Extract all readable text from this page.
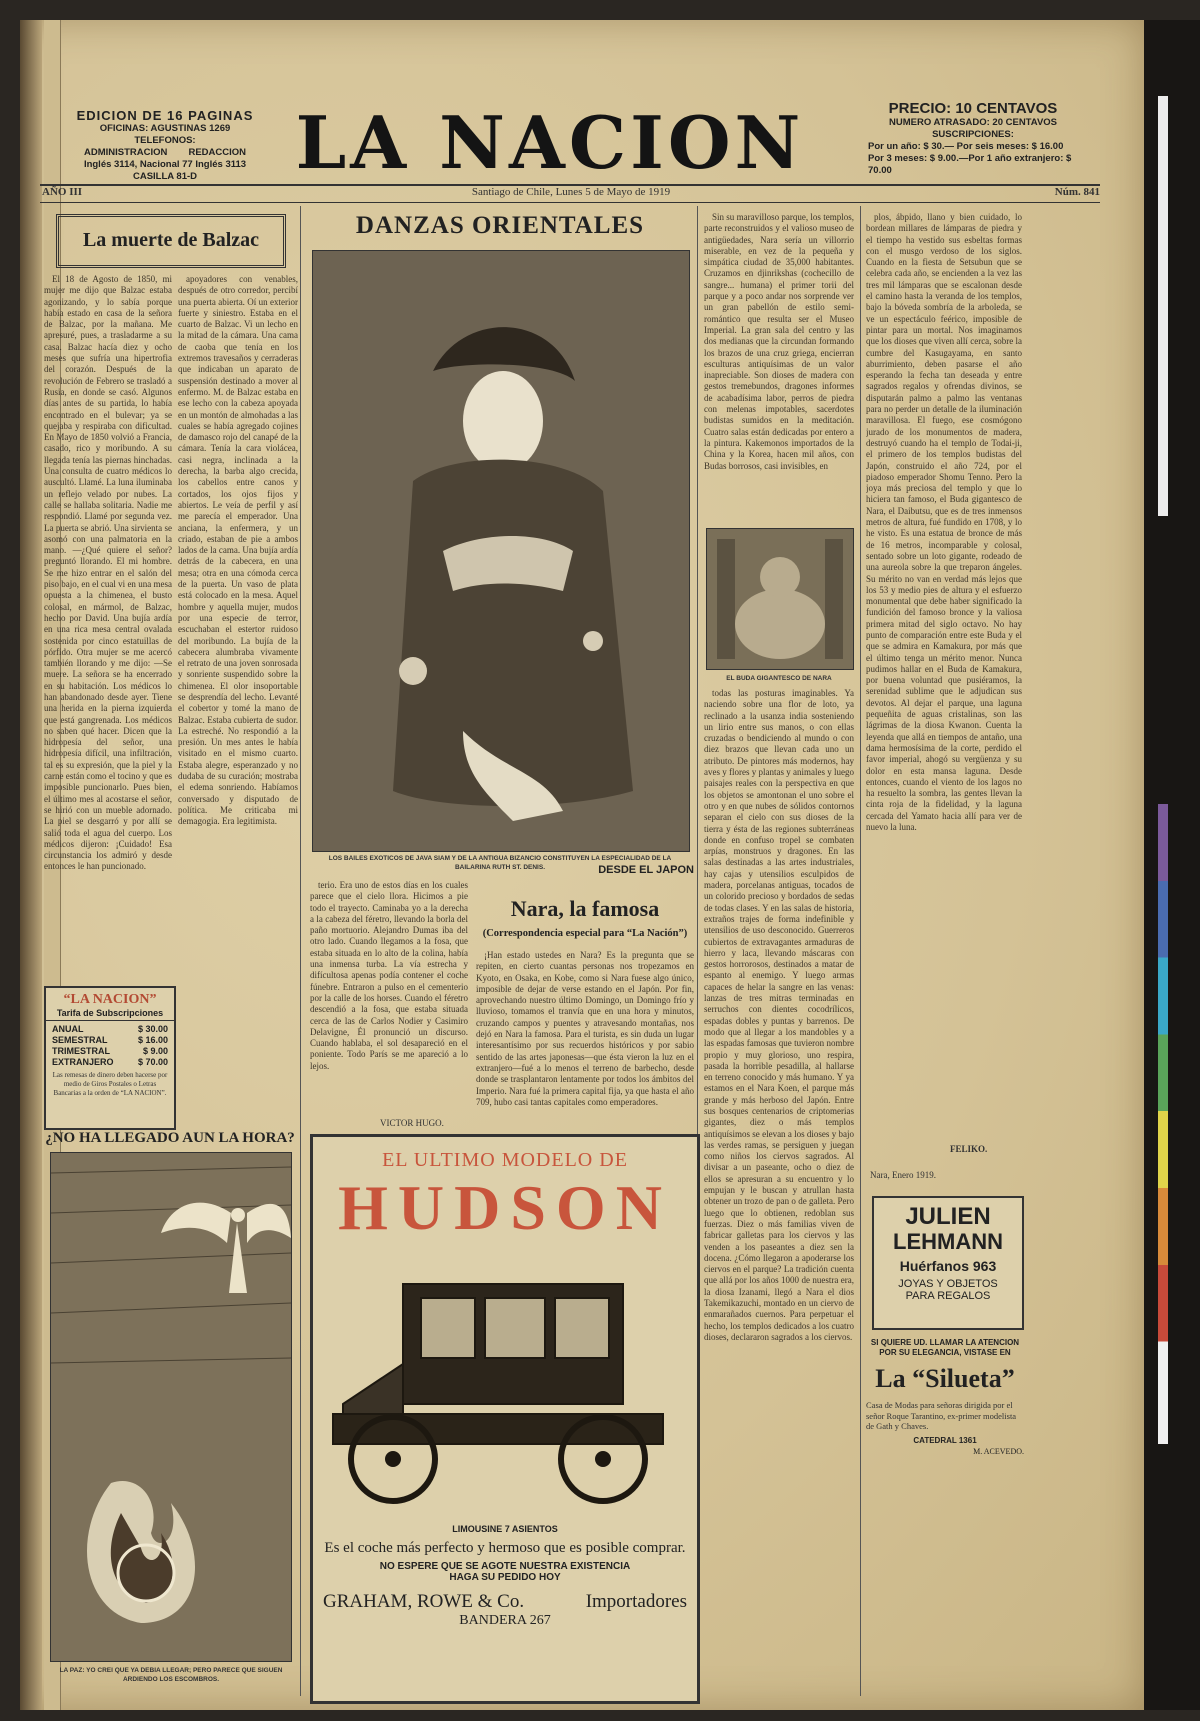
EDICION DE 16 PAGINAS
OFICINAS: AGUSTINAS 1269
TELEFONOS:
ADMINISTRACION        REDACCION
Inglés 3114, Nacional 77 Inglés 3113
CASILLA 81-D	LA NACION	PRECIO: 10 CENTAVOS
NUMERO ATRASADO: 20 CENTAVOS
SUSCRIPCIONES:
Por un año: $ 30.— Por seis meses: $ 16.00
Por 3 meses: $ 9.00.—Por 1 año extranjero: $ 70.00
AÑO III	Santiago de Chile, Lunes 5 de Mayo de 1919	Núm. 841
La muerte de Balzac

El 18 de Agosto de 1850, mi mujer me dijo que Balzac estaba agonizando, y lo sabía porque había estado en casa de la señora de Balzac, por la mañana. Me apresuré, pues, a trasladarme a su casa. Balzac hacía diez y ocho meses que sufría una hipertrofia del corazón. Después de la revolución de Febrero se trasladó a Rusia, en donde se casó. Algunos días antes de su partida, lo había encontrado en el bulevar; ya se quejaba y respiraba con dificultad. En Mayo de 1850 volvió a Francia, casado, rico y moribundo. A su llegada tenía las piernas hinchadas. Una consulta de cuatro médicos lo auscultó. Llamé. La luna iluminaba un reflejo velado por nubes. La calle se hallaba solitaria. Nadie me respondió. Llamé por segunda vez. La puerta se abrió. Una sirvienta se asomó con una palmatoria en la mano. —¿Qué quiere el señor? preguntó llorando. El mi hombre. Se me hizo entrar en el salón del piso bajo, en el cual vi en una mesa opuesta a la chimenea, el busto colosal, en mármol, de Balzac, hecho por David. Una bujía ardía en una rica mesa central ovalada sostenida por cinco estatuillas de pórfido. Otra mujer se me acercó también llorando y me dijo: —Se muere. La señora se ha encerrado en su habitación. Los médicos lo han abandonado desde ayer. Tiene una herida en la pierna izquierda que está gangrenada. Los médicos no saben qué hacer. Dicen que la hidropesía del señor, una hidropesía difícil, una infiltración, tal es su expresión, que la piel y la carne están como el tocino y que es imposible puncionarlo. Pues bien, el último mes al acostarse el señor, se hirió con un mueble adornado. La piel se desgarró y por allí se salió toda el agua del cuerpo. Los médicos dijeron: ¡Cuidado! Esa circunstancia los admiró y desde entonces le han puncionado.

apoyadores con venables, después de otro corredor, percibí una puerta abierta. Oí un exterior fuerte y siniestro. Estaba en el cuarto de Balzac. Vi un lecho en la mitad de la cámara. Una cama de caoba que tenía en los extremos travesaños y cerraderas que indicaban un aparato de suspensión destinado a mover al enfermo. M. de Balzac estaba en ese lecho con la cabeza apoyada en un montón de almohadas a las cuales se había agregado cojines de damasco rojo del canapé de la cámara. Tenía la cara violácea, casi negra, inclinada a la derecha, la barba algo crecida, los cabellos entre canos y cortados, los ojos fijos y abiertos. Le veía de perfil y así me parecía el emperador. Una anciana, la enfermera, y un criado, estaban de pie a ambos lados de la cama. Una bujía ardía detrás de la cabecera, en una mesa; otra en una cómoda cerca de la puerta. Un vaso de plata está colocado en la mesa. Aquel hombre y aquella mujer, mudos por una especie de terror, escuchaban el estertor ruidoso del moribundo. La bujía de la cabecera alumbraba vivamente el retrato de una joven sonrosada y sonriente suspendido sobre la chimenea. El olor insoportable se desprendía del lecho. Levanté el cobertor y tomé la mano de Balzac. Estaba cubierta de sudor. La estreché. No respondió a la presión. Un mes antes le había visitado en el mismo cuarto. Estaba alegre, esperanzado y no dudaba de su curación; mostraba el edema sonriendo. Habíamos conversado y disputado de política. Me criticaba mi demagogia. Era legitimista.

“LA NACION”
Tarifa de Subscripciones
ANUAL	$ 30.00
SEMESTRAL	$ 16.00
TRIMESTRAL	$ 9.00
EXTRANJERO	$ 70.00
Las remesas de dinero deben hacerse por medio de Giros Postales o Letras Bancarias a la orden de “LA NACION”.
¿NO HA LLEGADO AUN LA HORA?
LA PAZ: YO CREI QUE YA DEBIA LLEGAR; PERO PARECE QUE SIGUEN ARDIENDO LOS ESCOMBROS.
DANZAS ORIENTALES
LOS BAILES EXOTICOS DE JAVA SIAM Y DE LA ANTIGUA BIZANCIO CONSTITUYEN LA ESPECIALIDAD DE LA BAILARINA RUTH ST. DENIS.

terio. Era uno de estos días en los cuales parece que el cielo llora. Hicimos a pie todo el trayecto. Caminaba yo a la derecha a la cabeza del féretro, llevando la borla del paño mortuorio. Alejandro Dumas iba del otro lado. Cuando llegamos a la fosa, que estaba situada en lo alto de la colina, había una inmensa turba. La vía estrecha y difícultosa apenas podía contener el coche fúnebre. Entraron a pulso en el cementerio por la calle de los horses. Cuando el féretro descendió a la fosa, que estaba situada cerca de las de Carlos Nodier y Casimiro Delavigne, Él pronunció un discurso. Cuando hablaba, el sol desapareció en el poniente. Todo París se me apareció a lo lejos.

VICTOR HUGO.
DESDE EL JAPON
Nara, la famosa
(Correspondencia especial para “La Nación”)

¡Han estado ustedes en Nara? Es la pregunta que se repiten, en cierto cuantas personas nos tropezamos en Kyoto, en Osaka, en Kobe, como si Nara fuese algo único, imposible de dejar de verse estando en el Japón. Por fin, aprovechando nuestro último Domingo, un Domingo frío y lluvioso, tomamos el tranvía que en una hora y minutos, cruzando campos y puentes y atravesando montañas, nos dejó en Nara la famosa. Para el turista, es sin duda un lugar interesantísimo por sus recuerdos históricos y por sabio sentido de las artes japonesas—que ésta vieron la luz en el extranjero—fué a lo menos el terreno de barbecho, desde donde se trasplantaron lentamente por todos los ámbitos del Imperio. Nara fué la primera capital fija, ya que hasta el año 709, hubo casi tantas capitales como emperadores.

EL ULTIMO MODELO DE
HUDSON
LIMOUSINE 7 ASIENTOS
Es el coche más perfecto y hermoso que es posible comprar.
NO ESPERE QUE SE AGOTE NUESTRA EXISTENCIA
HAGA SU PEDIDO HOY
GRAHAM, ROWE & Co.	Importadores
BANDERA 267

Sin su maravilloso parque, los templos, parte reconstruidos y el valioso museo de antigüedades, Nara sería un villorrio miserable, en vez de la pequeña y simpática ciudad de 35,000 habitantes. Cruzamos en djinrikshas (cochecillo de sangre... humana) el primer torii del parque y a poco andar nos sorprende ver un gran pabellón de estilo semi-romántico que resulta ser el Museo Imperial. La gran sala del centro y las dos medianas que la circundan formando los brazos de una cruz griega, encierran esculturas antiquísimas de un valor inapreciable. Son dioses de madera con gestos tremebundos, dragones informes de acabadísima labor, perros de piedra con melenas impotables, sacerdotes budistas sumidos en la meditación. Cuatro salas están dedicadas por entero a la pintura. Kakemonos importados de la China y la Korea, hacen mil años, con Budas borrosos, casi invisibles, en

EL BUDA GIGANTESCO DE NARA

todas las posturas imaginables. Ya naciendo sobre una flor de loto, ya reclinado a la usanza india sosteniendo un lirio entre sus manos, o con ellas cruzadas o bendiciendo al mundo o con diez brazos que llevan cada uno un atributo. De pintores más modernos, hay aves y flores y plantas y animales y luego paisajes reales con la perspectiva en que los objetos se amontonan el uno sobre el otro y en que nubes de sólidos contornos separan el cielo con sus dioses de la tierra y ésta de las regiones subterráneas donde en confuso tropel se combaten arpías, monstruos y dragones. En las salas destinadas a las artes industriales, hay cajas y utensilios esculpidos de madera, porcelanas antiguas, tocados de un colorido precioso y bordados de sedas de todas clases. Y en las salas de historia, extraños trajes de forma indefinible y utensilios de uso desconocido. Guerreros cubiertos de extravagantes armaduras de hierro y laca, llevando máscaras con gestos horrorosos, destinados a matar de espanto al enemigo. Y luego armas capaces de helar la sangre en las venas: lanzas de tres mitras terminadas en serruchos con dientes cocodrílicos, espadas dobles y puntas y barrenos. De modo que al llegar a los mandobles y a las espadas famosas que tuvieron nombre propio y muy glorioso, uno respira, pasada la horrible pesadilla, al hallarse en terreno conocido y más humano. Y ya estamos en el Nara Koen, el parque más grande y más herboso del Japón. Entre sus bosques centenarios de criptomerias gigantes, diez o más templos antiquísimos se elevan a los dioses y bajo las verdes ramas, se persiguen y juegan como niños los ciervos sagrados. Al divisar a un paseante, ocho o diez de ellos se apresuran a su encuentro y lo empujan y le buscan y atrullan hasta obtener un trozo de pan o de galleta. Pero luego que lo obtienen, redoblan sus fuerzas. Diez o más familias viven de fabricar galletas para los ciervos y las venden a los paseantes a diez sen la docena. ¿Cómo llegaron a apoderarse los ciervos en el parque? La tradición cuenta que allá por los años 1000 de nuestra era, la diosa Izanami, llegó a Nara el dios Takemikazuchi, montado en un ciervo de enmarañados cuernos. Para perpetuar el hecho, los templos dedicados a los cuatro dioses, declararon sagrados a los ciervos.

plos, ábpido, llano y bien cuidado, lo bordean millares de lámparas de piedra y el tiempo ha vestido sus esbeltas formas con el musgo verdoso de los siglos. Cuando en la fiesta de Setsubun que se celebra cada año, se encienden a la vez las tres mil lámparas que se escalonan desde el camino hasta la veranda de los templos, bajo la bóveda sombría de la arboleda, se ve un espectáculo feérico, imposible de pintar para un mortal. Nos imaginamos que los dioses que viven allí cerca, sobre la cumbre del Kasugayama, en santo aburrimiento, deben pasarse el año esperando la fecha tan deseada y entre sagrados regalos y ofrendas divinos, se disputarán palmo a palmo las ventanas para no perder un detalle de la iluminación maravillosa. El fuego, ese cosmógono jurado de los monumentos de madera, destruyó cuando ha el templo de Todai-ji, el primero de los templos budistas del Japón, construido el año 724, por el piadoso emperador Shomu Tenno. Pero la joya más preciosa del templo y que lo hiciera tan famoso, el Buda gigantesco de Nara, el Daibutsu, que es de tres inmensos metros de altura, fué fundido en 1708, y lo he visto. Es una estatua de bronce de más de 16 metros, incomparable y colosal, sentado sobre un loto gigante, rodeado de una aureola sobre la que treparon ángeles. Su mérito no van en verdad más lejos que los 53 y medio pies de altura y el esfuerzo monumental que debe haber significado la fundición del famoso bronce y la valiosa primera mitad del siglo octavo. No hay punto de comparación entre este Buda y el que se admira en Kamakura, por más que el último tenga un mérito menor. Nunca pudimos hallar en el Buda de Kamakura, por buena voluntad que pusiéramos, la serenidad sublime que le adjudican sus devotos. Al dejar el parque, una laguna pequeñita de aguas cristalinas, son las lágrimas de la diosa Kwanon. Cuenta la leyenda que allá en tiempos de antaño, una dama hermosísima de la corte, perdido el favor imperial, ahogó su vergüenza y su dolor en esta mansa laguna. Desde entonces, cuando el viento de los lagos no ha resuelto la sombra, las gentes llevan la cinta roja de la fidelidad, y la laguna cercada del Yamato hacia allí para ver de nuevo la luna.

FELIKO.
Nara, Enero 1919.
JULIEN
LEHMANN
Huérfanos 963
JOYAS Y OBJETOS
PARA REGALOS
SI QUIERE UD. LLAMAR LA ATENCION POR SU ELEGANCIA, VISTASE EN
La “Silueta”
Casa de Modas para señoras dirigida por el señor Roque Tarantino, ex-primer modelista de Gath y Chaves.
CATEDRAL 1361
M. ACEVEDO.
